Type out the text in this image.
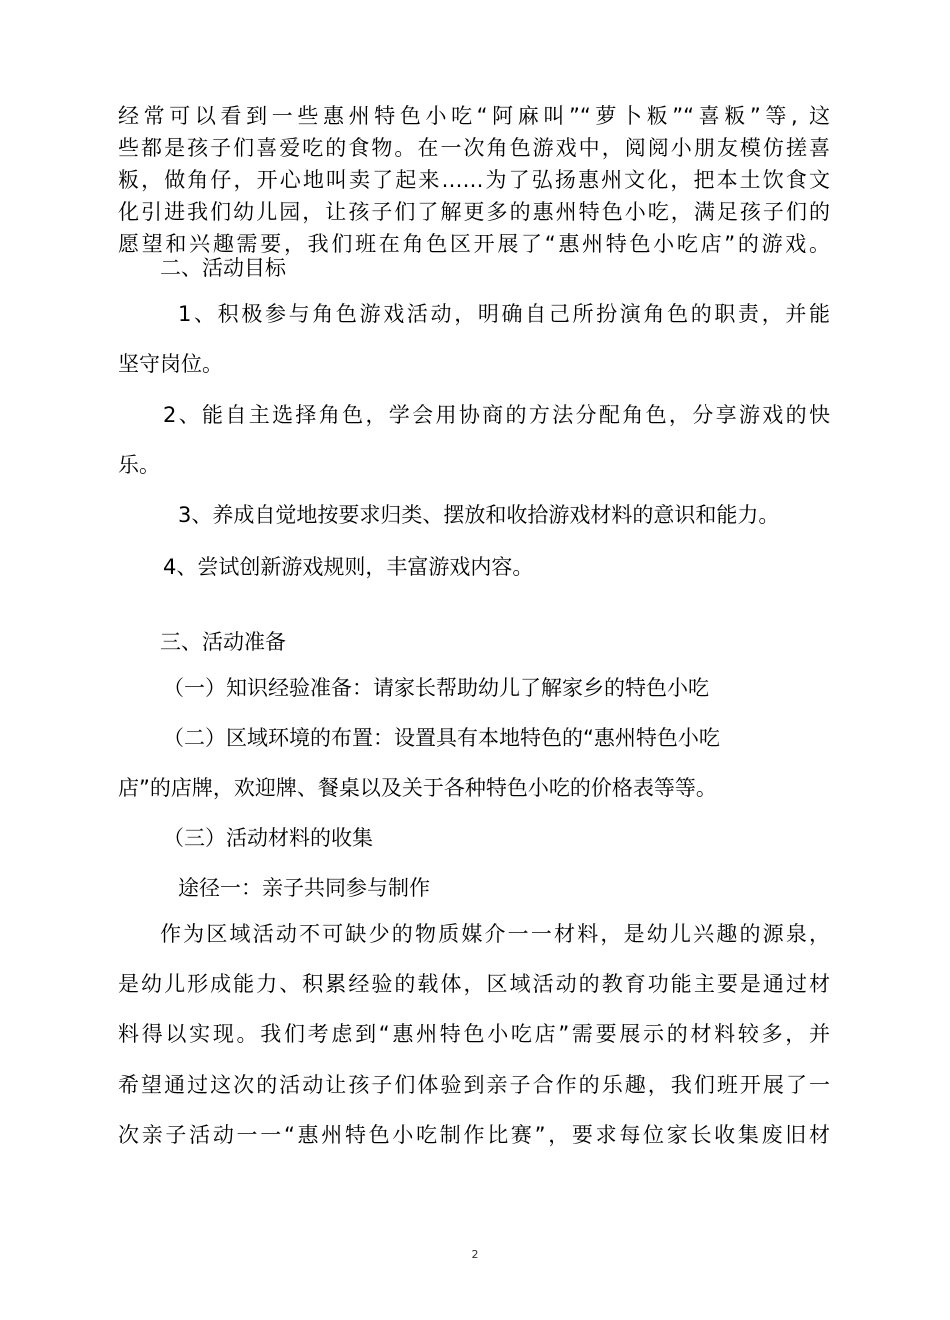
经常可以看到一些惠州特色小吃“阿麻叫”“萝卜粄”“喜粄”等, 这
些都是孩子们喜爱吃的食物。在一次角色游戏中，阅阅小朋友模仿搓喜
粄，做角仔，开心地叫卖了起来……为了弘扬惠州文化，把本土饮食文
化引进我们幼儿园，让孩子们了解更多的惠州特色小吃，满足孩子们的
愿望和兴趣需要，我们班在角色区开展了“惠州特色小吃店”的游戏。
二、活动目标
1、积极参与角色游戏活动，明确自己所扮演角色的职责，并能
坚守岗位。
2、能自主选择角色，学会用协商的方法分配角色，分享游戏的快
乐。
3、养成自觉地按要求归类、摆放和收拾游戏材料的意识和能力。
4、尝试创新游戏规则，丰富游戏内容。
三、活动准备
（一）知识经验准备：请家长帮助幼儿了解家乡的特色小吃
（二）区域环境的布置：设置具有本地特色的“惠州特色小吃
店”的店牌，欢迎牌、餐桌以及关于各种特色小吃的价格表等等。
（三）活动材料的收集
途径一：亲子共同参与制作
作为区域活动不可缺少的物质媒介一一材料，是幼儿兴趣的源泉，
是幼儿形成能力、积累经验的载体，区域活动的教育功能主要是通过材
料得以实现。我们考虑到“惠州特色小吃店”需要展示的材料较多，并
希望通过这次的活动让孩子们体验到亲子合作的乐趣，我们班开展了一
次亲子活动一一“惠州特色小吃制作比赛”，要求每位家长收集废旧材
2
